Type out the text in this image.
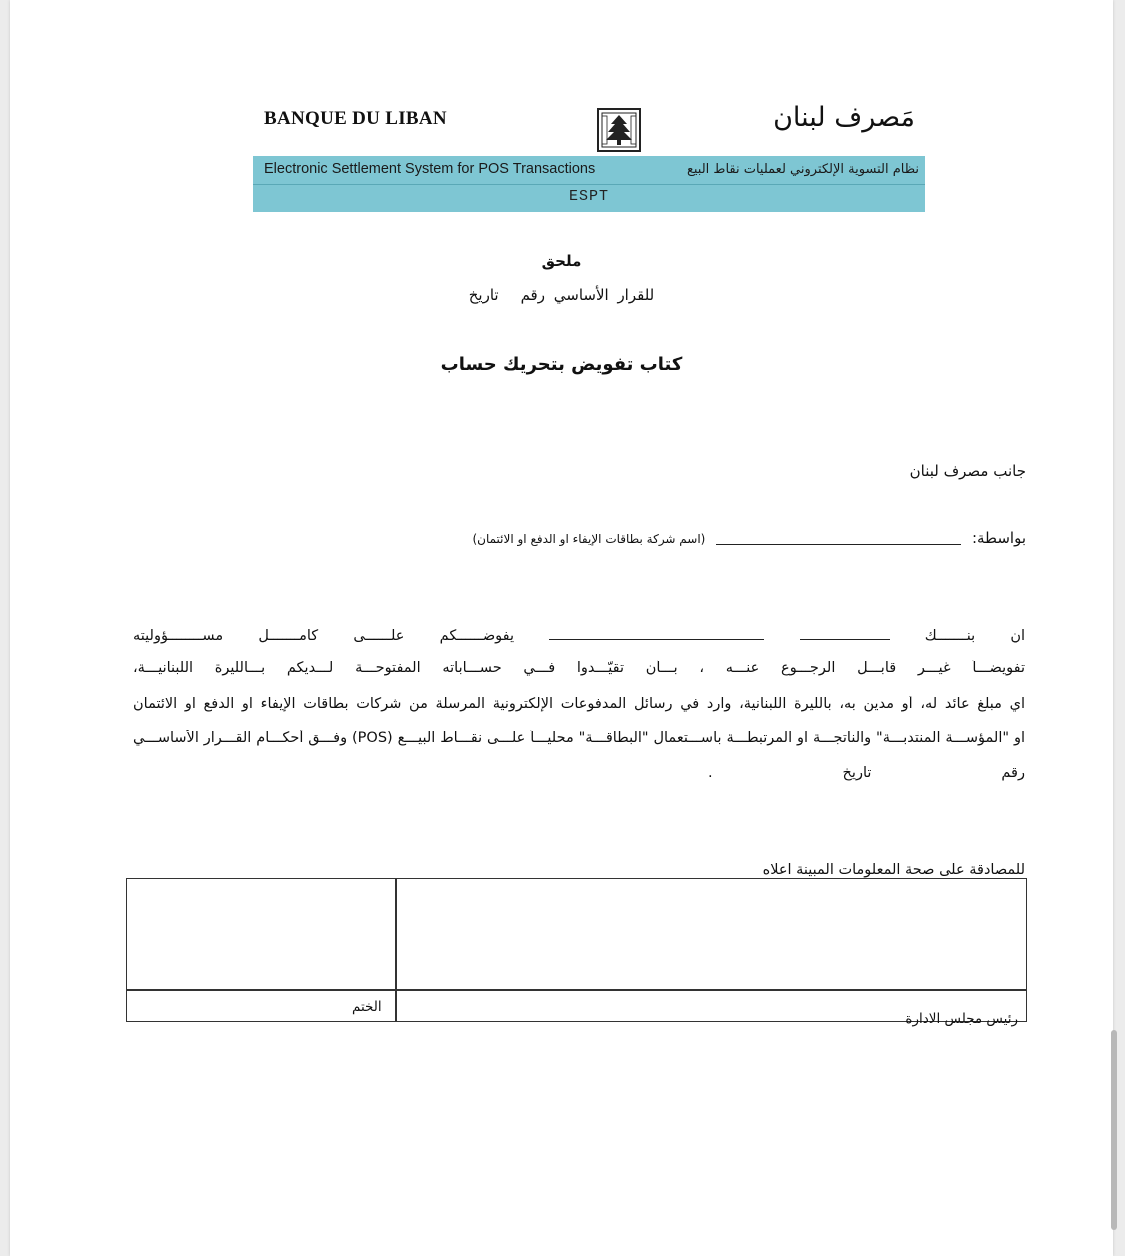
BANQUE DU LIBAN	مَصرف لبنان
Electronic Settlement System for POS Transactions	نظام التسوية الإلكتروني لعمليات نقاط البيع
ESPT
ملحق
للقرار الأساسي رقمتاريخ
كتاب تفويض بتحريك حساب
جانب مصرف لبنان
بواسطة:  (اسم شركة بطاقات الإيفاء او الدفع او الائتمان)
ان بنـــــــك   يفوضــــــكم علــــــى كامـــــــل مســــــــؤوليته
تفويضـــاً غيـــر قابـــل الرجـــوع عنـــه ، بـــأن تقيّـــدوا فـــي حســـاباته المفتوحـــة لـــديكم بـــالليرة اللبنانيـــة،
اي مبلغ عائد له، أو مدين به، بالليرة اللبنانية، وارد في رسائل المدفوعات الإلكترونية المرسلة من شركات بطاقات الإيفاء او الدفع او الائتمان
او "المؤســـة المنتدبـــة" والناتجـــة او المرتبطـــة باســـتعمال "البطاقـــة" محليـــاً علـــى نقـــاط البيـــع (POS) وفـــق أحكـــام القـــرار الأساســـي
رقمتاريخ.
للمصادقة على صحة المعلومات المبينة اعلاه
رئيس مجلس الادارة
الختم
